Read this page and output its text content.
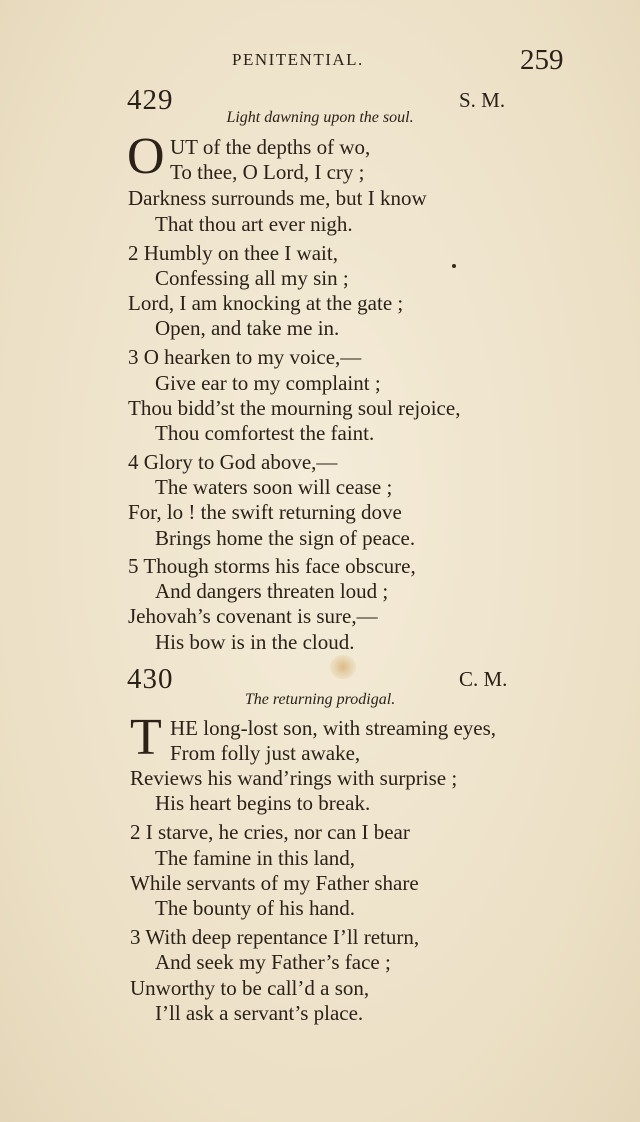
PENITENTIAL.	259
429	S. M.
Light dawning upon the soul.
O UT of the depths of wo,
To thee, O Lord, I cry ;
Darkness surrounds me, but I know
That thou art ever nigh.
2 Humbly on thee I wait,
Confessing all my sin ;
Lord, I am knocking at the gate ;
Open, and take me in.
3 O hearken to my voice,—
Give ear to my complaint ;
Thou bidd’st the mourning soul rejoice,
Thou comfortest the faint.
4 Glory to God above,—
The waters soon will cease ;
For, lo ! the swift returning dove
Brings home the sign of peace.
5 Though storms his face obscure,
And dangers threaten loud ;
Jehovah’s covenant is sure,—
His bow is in the cloud.
430	C. M.
The returning prodigal.
T HE long-lost son, with streaming eyes,
From folly just awake,
Reviews his wand’rings with surprise ;
His heart begins to break.
2 I starve, he cries, nor can I bear
The famine in this land,
While servants of my Father share
The bounty of his hand.
3 With deep repentance I’ll return,
And seek my Father’s face ;
Unworthy to be call’d a son,
I’ll ask a servant’s place.
